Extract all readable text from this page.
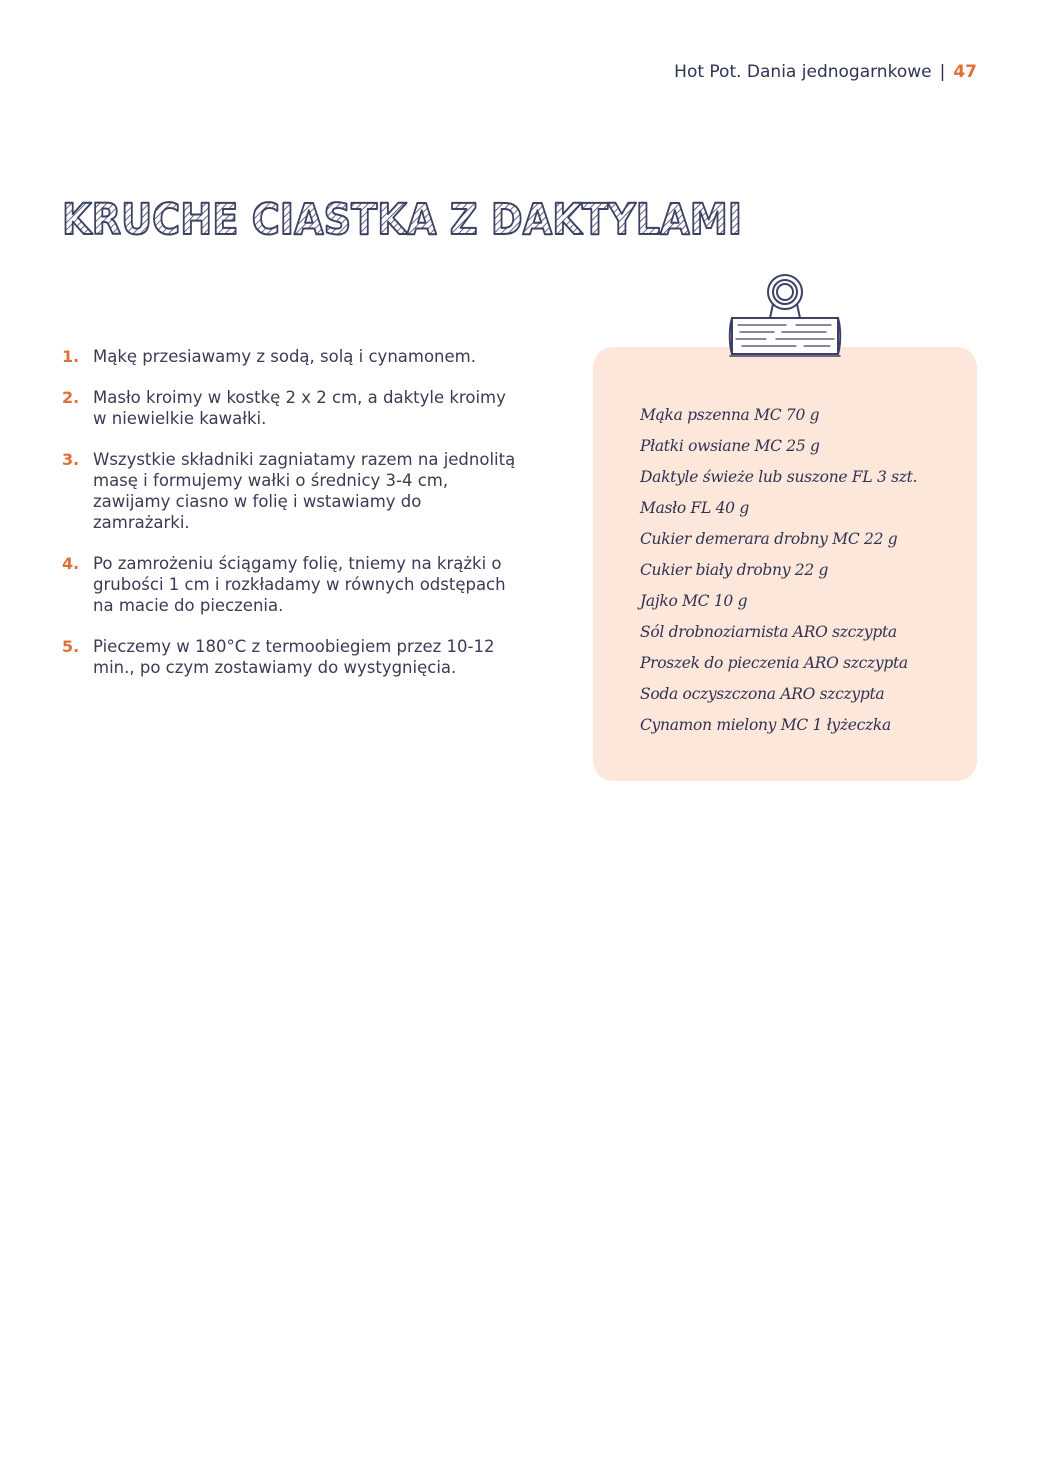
Hot Pot. Dania jednogarnkowe | 47
KRUCHE CIASTKA Z DAKTYLAMI
1. Mąkę przesiawamy z sodą, solą i cynamonem.
2. Masło kroimy w kostkę 2 x 2 cm, a daktyle kroimy w niewielkie kawałki.
3. Wszystkie składniki zagniatamy razem na jednolitą masę i formujemy wałki o średnicy 3-4 cm, zawijamy ciasno w folię i wstawiamy do zamrażarki.
4. Po zamrożeniu ściągamy folię, tniemy na krążki o grubości 1 cm i rozkładamy w równych odstępach na macie do pieczenia.
5. Pieczemy w 180°C z termoobiegiem przez 10-12 min., po czym zostawiamy do wystygnięcia.
Mąka pszenna MC 70 g
Płatki owsiane MC 25 g
Daktyle świeże lub suszone FL 3 szt.
Masło FL 40 g
Cukier demerara drobny MC 22 g
Cukier biały drobny 22 g
Jajko MC 10 g
Sól drobnoziarnista ARO szczypta
Proszek do pieczenia ARO szczypta
Soda oczyszczona ARO szczypta
Cynamon mielony MC 1 łyżeczka
